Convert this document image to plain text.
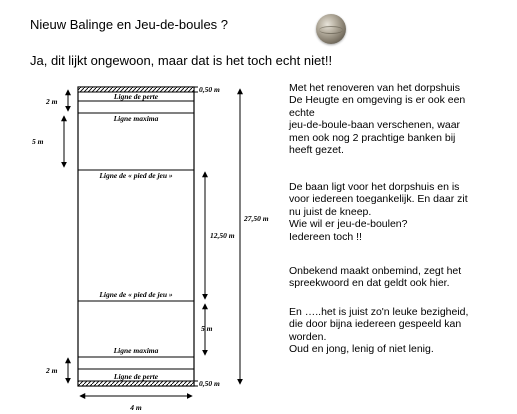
Nieuw Balinge en Jeu-de-boules ?
Ja, dit lijkt ongewoon, maar dat is het toch echt niet!!
Ligne de perte
Ligne maxima
Ligne de « pied de jeu »
Ligne de « pied de jeu »
Ligne maxima
Ligne de perte
2 m
5 m
2 m
12,50 m
5 m
27,50 m
0,50 m
0,50 m
4 m
Met het renoveren van het dorpshuis
De Heugte en omgeving is er ook een
echte
jeu-de-boule-baan verschenen, waar
men ook nog 2 prachtige banken bij
heeft gezet.
De baan ligt voor het dorpshuis en is
voor iedereen toegankelijk. En daar zit
nu juist de kneep.
Wie wil er jeu-de-boulen?
Iedereen toch !!
Onbekend maakt onbemind, zegt het
spreekwoord en dat geldt ook hier.
En …..het is juist zo'n leuke bezigheid,
die door bijna iedereen gespeeld kan
worden.
Oud en jong, lenig of niet lenig.
